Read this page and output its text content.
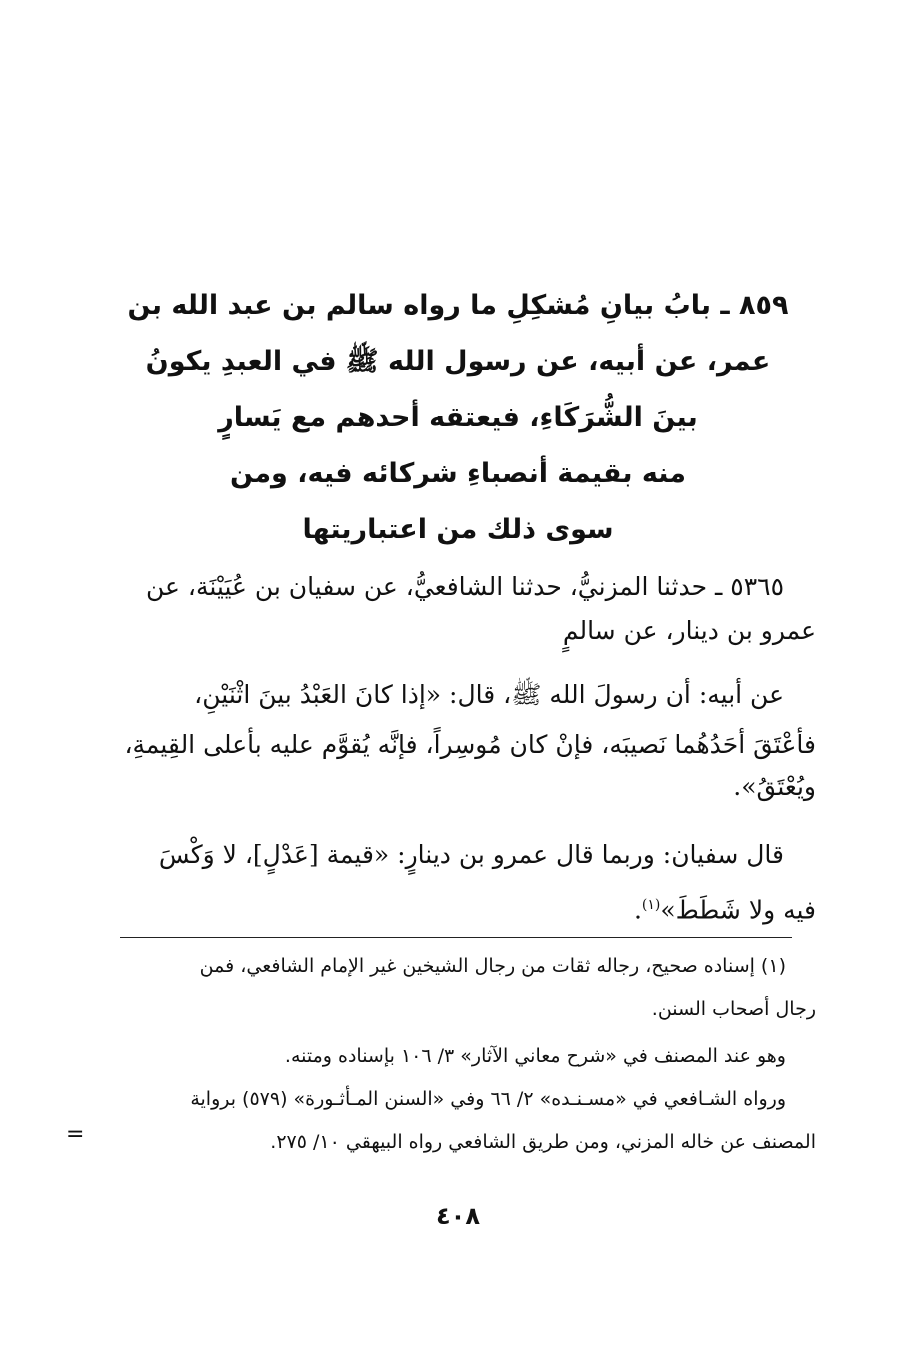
٨٥٩ ـ بابُ بيانِ مُشكِلِ ما رواه سالم بن عبد الله بن
عمر، عن أبيه، عن رسول الله ﷺ في العبدِ يكونُ
بينَ الشُّرَكَاءِ، فيعتقه أحدهم مع يَسارٍ
منه بقيمة أنصباءِ شركائه فيه، ومن
سوى ذلك من اعتباريتها
٥٣٦٥ ـ حدثنا المزنيُّ، حدثنا الشافعيُّ، عن سفيان بن عُيَيْنَة، عن
عمرو بن دينار، عن سالمٍ
عن أبيه: أن رسولَ الله ﷺ، قال: «إذا كانَ العَبْدُ بينَ اثْنَيْنِ،
فأعْتَقَ أحَدُهُما نَصيبَه، فإنْ كان مُوسِراً، فإنَّه يُقوَّم عليه بأعلى القِيمةِ،
ويُعْتَقُ».
قال سفيان: وربما قال عمرو بن دينارٍ: «قيمة [عَدْلٍ]، لا وَكْسَ
فيه ولا شَطَطَ»$^{(١)}$.
(١) إسناده صحيح، رجاله ثقات من رجال الشيخين غير الإمام الشافعي، فمن
رجال أصحاب السنن.
وهو عند المصنف في «شرح معاني الآثار» ٣/ ١٠٦ بإسناده ومتنه.
ورواه الشـافعي في «مسـنـده» ٢/ ٦٦ وفي «السنن المـأثـورة» (٥٧٩) برواية
المصنف عن خاله المزني، ومن طريق الشافعي رواه البيهقي ١٠/ ٢٧٥.
=
٤٠٨
